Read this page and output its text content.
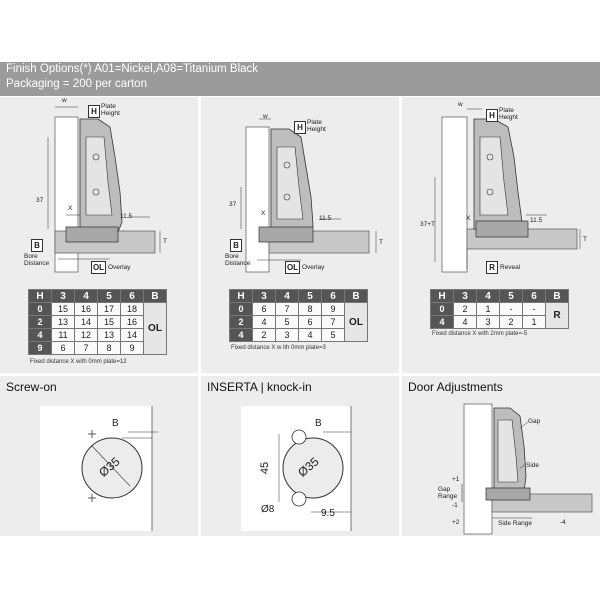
Finish Options(*) A01=Nickel,A08=Titanium Black
Packaging = 200 per carton
w
H
Plate Height
37
X
11.5
T
B
Bore Distance	OL Overlay
H	3	4	5	6	B
0	15	16	17	18	OL
2	13	14	15	16	
4	11	12	13	14	
9	6	7	8	9	
Fixed distance X with 0mm plate=12
w
H
Plate Height
37
X
11.5
T
B
Bore Distance	OL Overlay
H	3	4	5	6	B
0	6	7	8	9	OL
2	4	5	6	7	
4	2	3	4	5	
Fixed distance X w ith 0mm plate=3
w
H
Plate Height
37+T
X	11.5
T
R Reveal
H	3	4	5	6	B
0	2	1	-	-	R
4	4	3	2	1	
Fixed distance X with 2mm plate=-5
Screw-on
B
Ø35
INSERTA | knock-in
B
Ø35
45
Ø8	9.5
Door Adjustments
Gap
Side
Gap Range
Side Range
+1
-1
+2	-4
